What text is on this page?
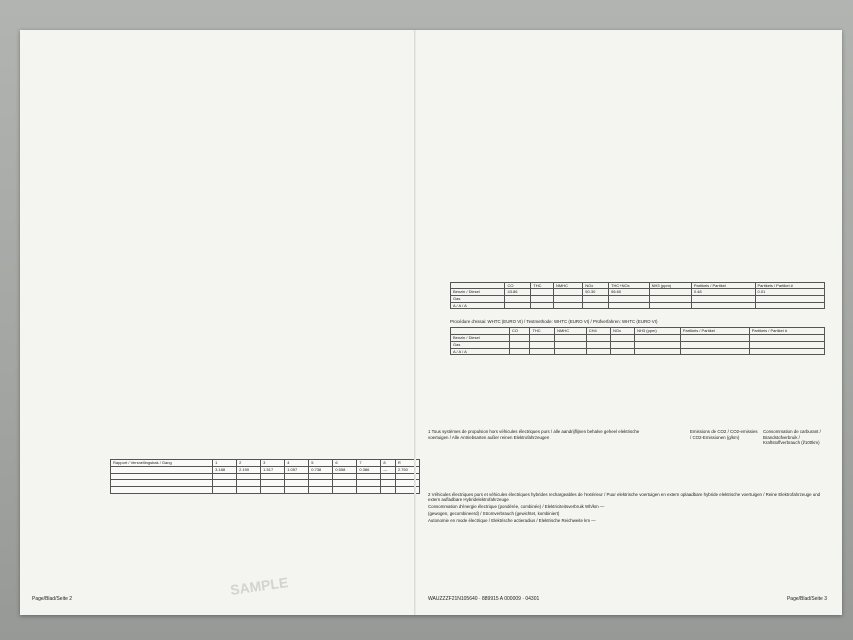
Rapport / Versnellingsbak / Gang	1	2	3	4	5	6	7	8	R
	3.188	2.190	1.517	1.057	0.738	0.558	0.386	—	2.750

Page/Blad/Seite 2
	CO	THC	NMHC	NOx	THC+NOx	NH3 (ppm)	Partikels / Partikel	Partikels / Partikel #
Benzin / Diesel	43.86			50.30	56.60		0.48	0.01
Gas								
A / A / A								
Procédure d'essai: WHTC (EURO VI) / Testmethode: WHTC (EURO VI) / Prüfverfahren: WHTC (EURO VI)
	CO	THC	NMHC	CH4	NOx	NH3 (ppm)	Partikels / Partikel	Partikels / Partikel #
Benzin / Diesel								
Gas								
A / A / A								
1 Tous systèmes de propulsion hors véhicules électriques purs / alle aandrijflijnen behalve geheel elektrische voertuigen / Alle Antriebsarten außer reinen Elektrofahrzeugen
Emissions de CO2 / CO2-emissies / CO2-Emissionen (g/km)
Consommation de carburant / Brandstofverbruik / Kraftstoffverbrauch (l/100km)
2 Véhicules électriques purs et véhicules électriques hybrides rechargeables de l'extérieur / Puur elektrische voertuigen en extern oplaadbare hybride elektrische voertuigen / Reine Elektrofahrzeuge und extern aufladbare Hybridelektrofahrzeuge
Consommation d'énergie électrique (pondérée, combinée) / Elektriciteitsverbruik Wh/km —
(gewogen, gecombineerd) / Stromverbrauch (gewichtet, kombiniert)
Autonomie en mode électrique / Elektrische actieradius / Elektrische Reichweite km —
WAUZZZF21N105640 · 889915 A 000009 · 04301	Page/Blad/Seite 3
SAMPLE
